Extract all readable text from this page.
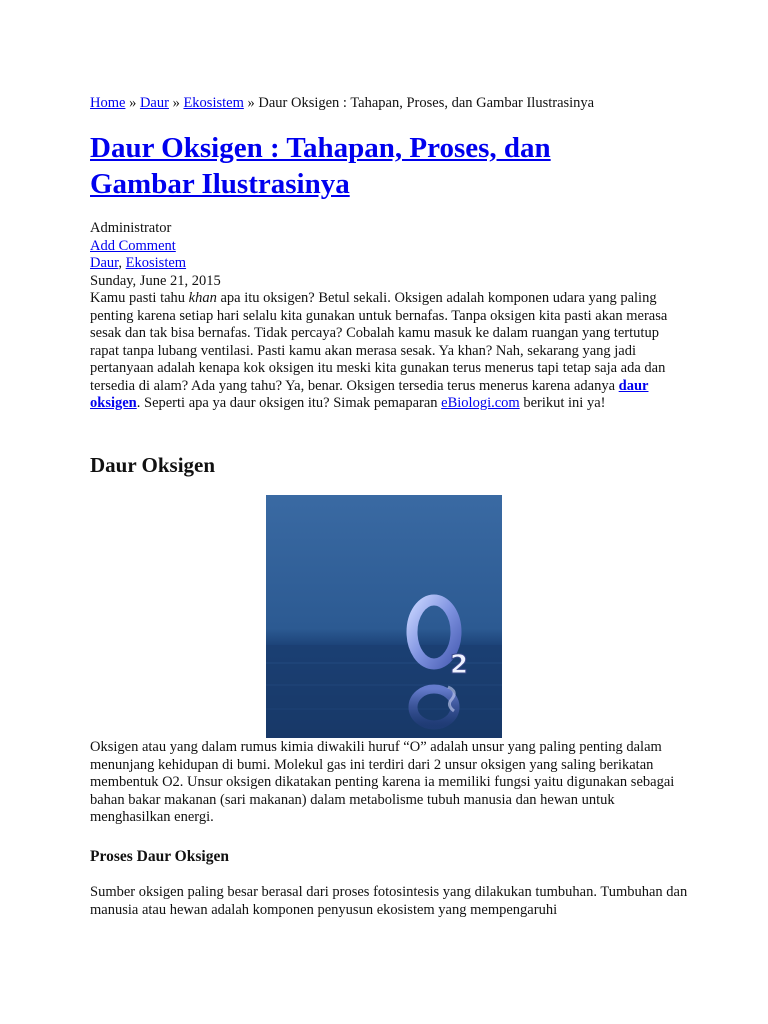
Home » Daur » Ekosistem » Daur Oksigen : Tahapan, Proses, dan Gambar Ilustrasinya
Daur Oksigen : Tahapan, Proses, dan Gambar Ilustrasinya
Administrator
Add Comment
Daur, Ekosistem
Sunday, June 21, 2015

Kamu pasti tahu khan apa itu oksigen? Betul sekali. Oksigen adalah komponen udara yang paling penting karena setiap hari selalu kita gunakan untuk bernafas. Tanpa oksigen kita pasti akan merasa sesak dan tak bisa bernafas. Tidak percaya? Cobalah kamu masuk ke dalam ruangan yang tertutup rapat tanpa lubang ventilasi. Pasti kamu akan merasa sesak. Ya khan? Nah, sekarang yang jadi pertanyaan adalah kenapa kok oksigen itu meski kita gunakan terus menerus tapi tetap saja ada dan tersedia di alam? Ada yang tahu? Ya, benar. Oksigen tersedia terus menerus karena adanya daur oksigen. Seperti apa ya daur oksigen itu? Simak pemaparan eBiologi.com berikut ini ya!

Daur Oksigen
2

Oksigen atau yang dalam rumus kimia diwakili huruf “O” adalah unsur yang paling penting dalam menunjang kehidupan di bumi. Molekul gas ini terdiri dari 2 unsur oksigen yang saling berikatan membentuk O2. Unsur oksigen dikatakan penting karena ia memiliki fungsi yaitu digunakan sebagai bahan bakar makanan (sari makanan) dalam metabolisme tubuh manusia dan hewan untuk menghasilkan energi.

Proses Daur Oksigen

Sumber oksigen paling besar berasal dari proses fotosintesis yang dilakukan tumbuhan. Tumbuhan dan manusia atau hewan adalah komponen penyusun ekosistem yang mempengaruhi
